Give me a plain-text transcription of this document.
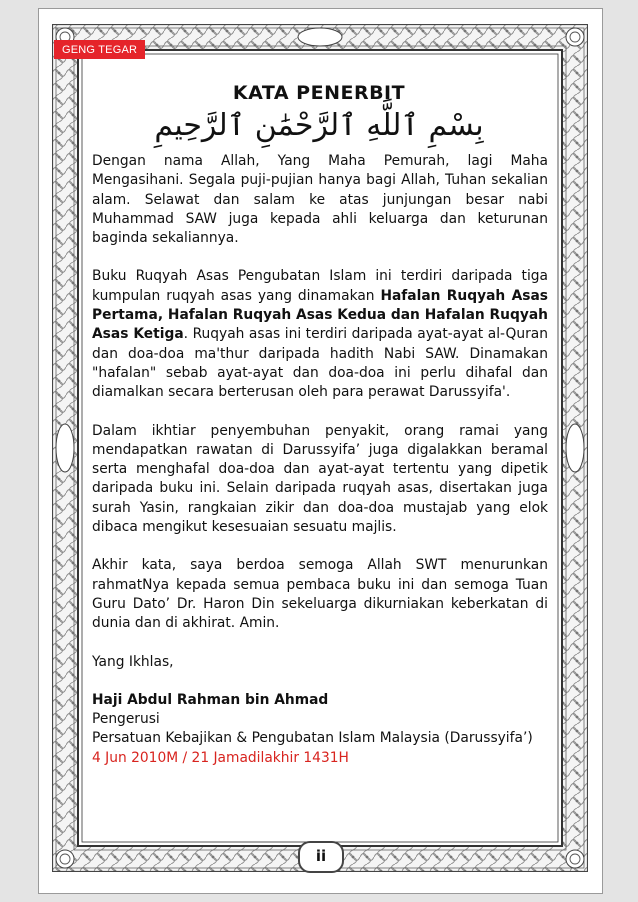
GENG TEGAR
KATA PENERBIT
بِسْمِ ٱللَّهِ ٱلرَّحْمَٰنِ ٱلرَّحِيمِ

Dengan nama Allah, Yang Maha Pemurah, lagi Maha Mengasihani. Segala puji-pujian hanya bagi Allah, Tuhan sekalian alam. Selawat dan salam ke atas junjungan besar nabi Muhammad SAW juga kepada ahli keluarga dan keturunan baginda sekaliannya.

Buku Ruqyah Asas Pengubatan Islam ini terdiri daripada tiga kumpulan ruqyah asas yang dinamakan Hafalan Ruqyah Asas Pertama, Hafalan Ruqyah Asas Kedua dan Hafalan Ruqyah Asas Ketiga. Ruqyah asas ini terdiri daripada ayat-ayat al-Quran dan doa-doa ma'thur daripada hadith Nabi SAW. Dinamakan "hafalan" sebab ayat-ayat dan doa-doa ini perlu dihafal dan diamalkan secara berterusan oleh para perawat Darussyifa'.

Dalam ikhtiar penyembuhan penyakit, orang ramai yang mendapatkan rawatan di Darussyifa’ juga digalakkan beramal serta menghafal doa-doa dan ayat-ayat tertentu yang dipetik daripada buku ini. Selain daripada ruqyah asas, disertakan juga surah Yasin, rangkaian zikir dan doa-doa mustajab yang elok dibaca mengikut kesesuaian sesuatu majlis.

Akhir kata, saya berdoa semoga Allah SWT menurunkan rahmatNya kepada semua pembaca buku ini dan semoga Tuan Guru Dato’ Dr. Haron Din sekeluarga dikurniakan keberkatan di dunia dan di akhirat. Amin.

Yang Ikhlas,

Haji Abdul Rahman bin Ahmad

Pengerusi

Persatuan Kebajikan & Pengubatan Islam Malaysia (Darussyifa’)

4 Jun 2010M / 21 Jamadilakhir 1431H

ii
